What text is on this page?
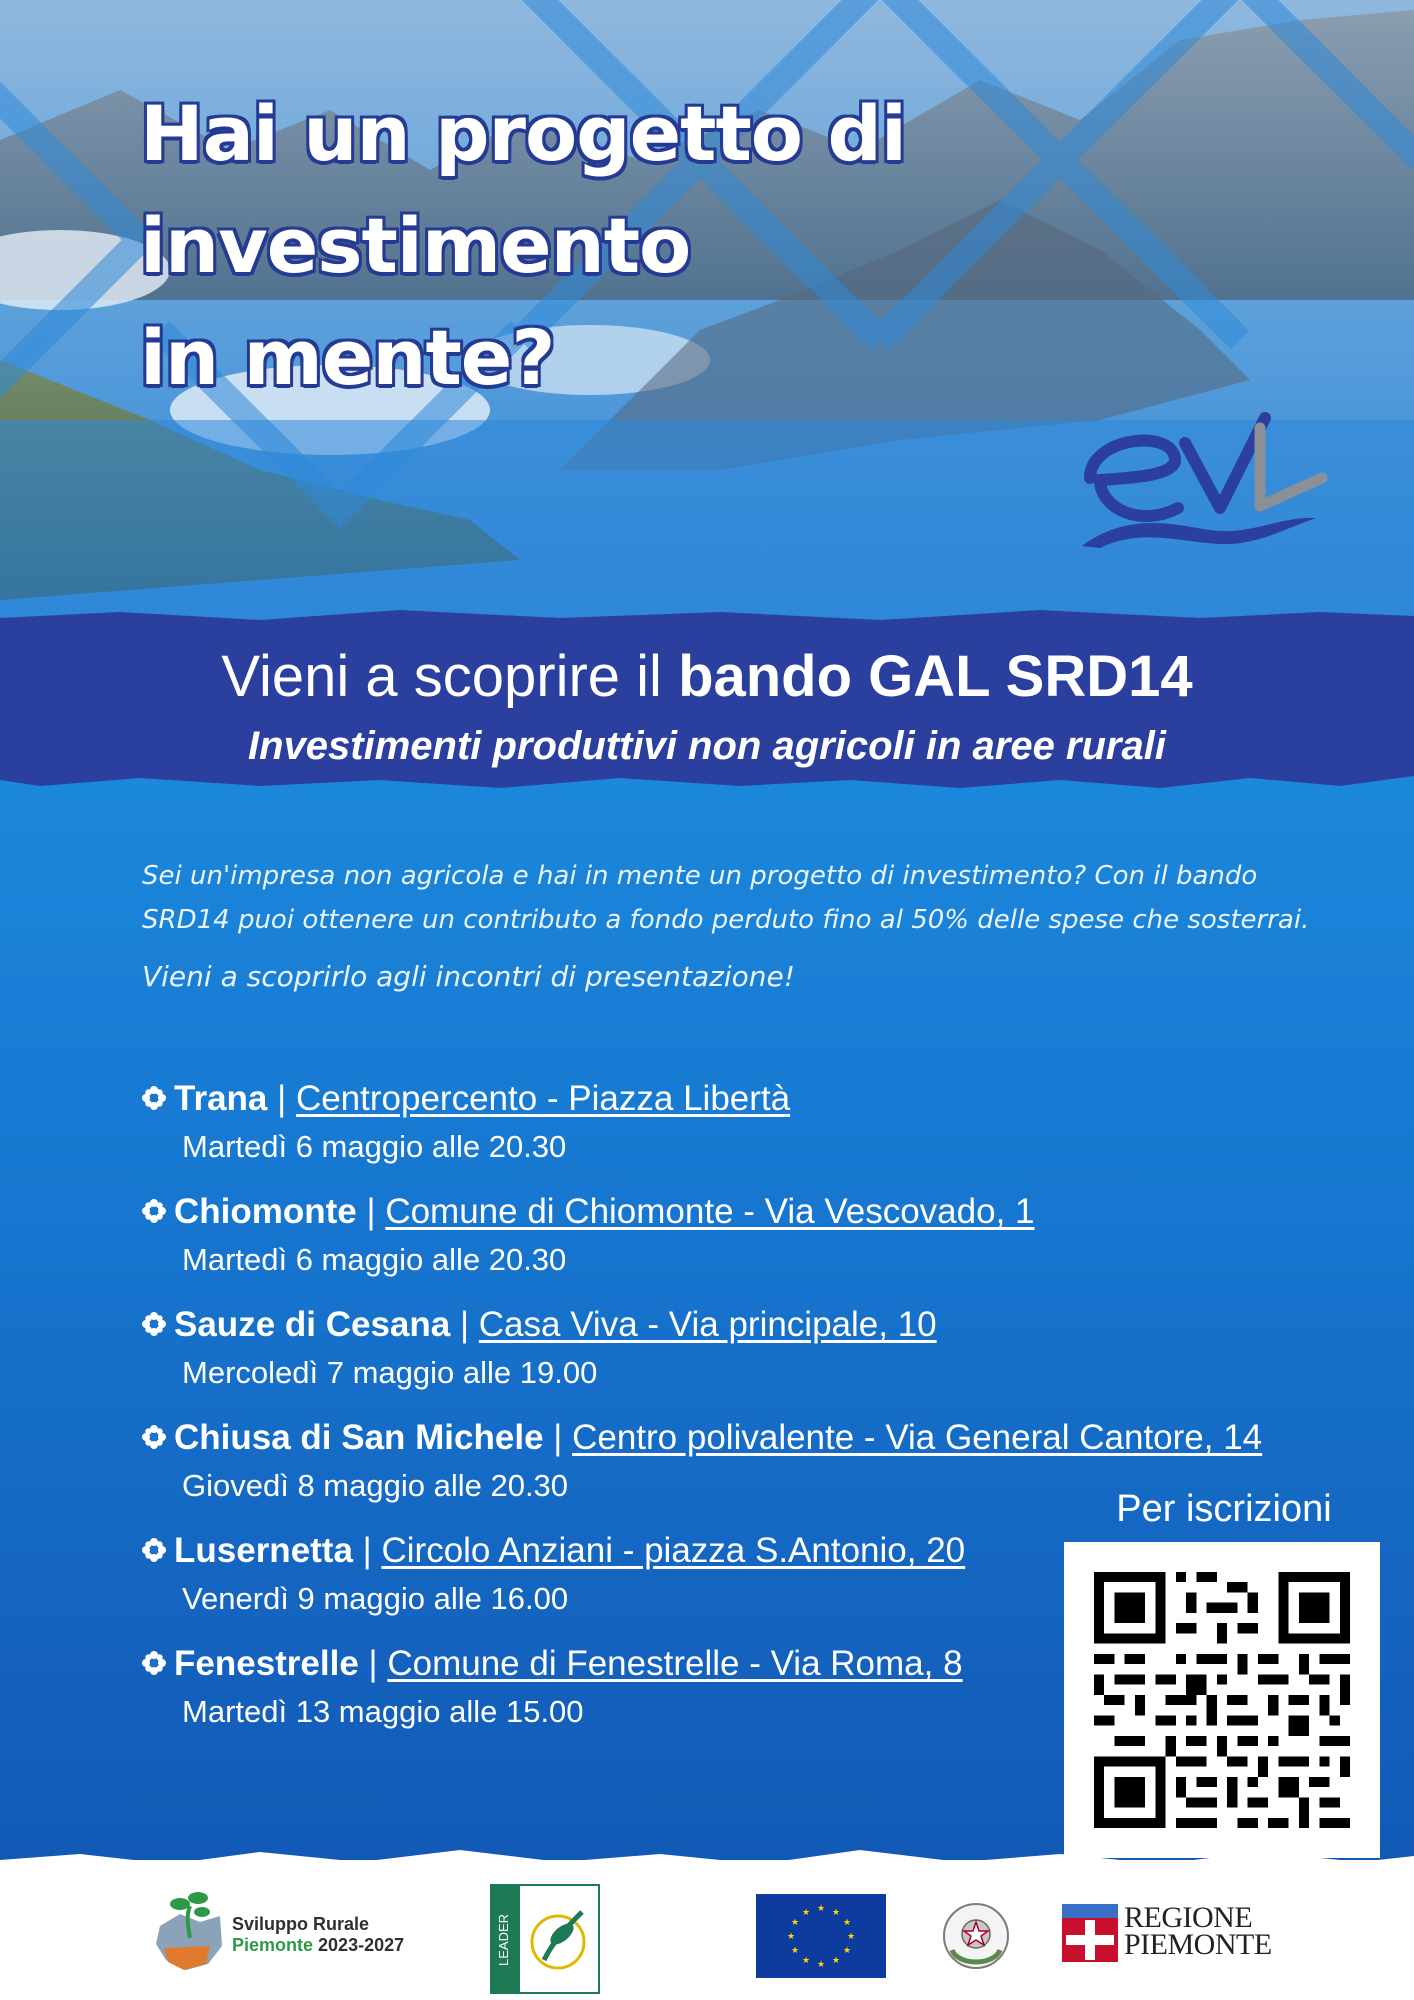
Hai un progetto di
investimento
in mente?
Vieni a scoprire il bando GAL SRD14
Investimenti produttivi non agricoli in aree rurali
Sei un'impresa non agricola e hai in mente un progetto di investimento? Con il bando SRD14 puoi ottenere un contributo a fondo perduto fino al 50% delle spese che sosterrai.
Vieni a scoprirlo agli incontri di presentazione!
Trana | Centropercento - Piazza Libertà
Martedì 6 maggio alle 20.30
Chiomonte | Comune di Chiomonte - Via Vescovado, 1
Martedì 6 maggio alle 20.30
Sauze di Cesana | Casa Viva - Via principale, 10
Mercoledì 7 maggio alle 19.00
Chiusa di San Michele | Centro polivalente - Via General Cantore, 14
Giovedì 8 maggio alle 20.30
Lusernetta | Circolo Anziani - piazza S.Antonio, 20
Venerdì 9 maggio alle 16.00
Fenestrelle | Comune di Fenestrelle - Via Roma, 8
Martedì 13 maggio alle 15.00
Per iscrizioni
Sviluppo Rurale
Piemonte 2023-2027	LEADER
★ ★
★
★
★
★
★
★
★
★
★
★	REGIONE
PIEMONTE
